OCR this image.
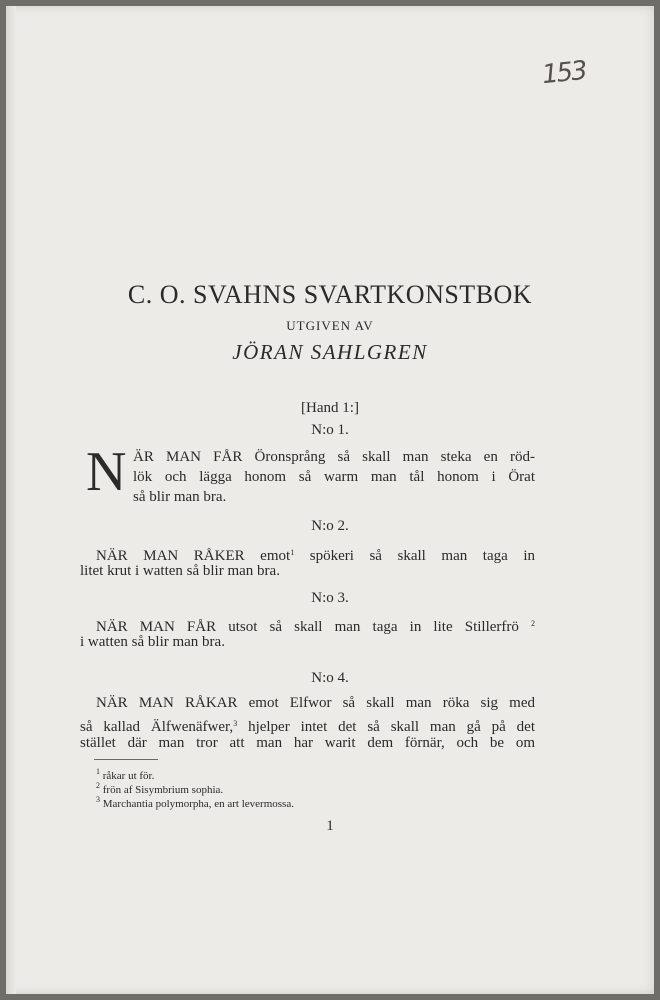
153
C. O. SVAHNS SVARTKONSTBOK
UTGIVEN AV
JÖRAN SAHLGREN
[Hand 1:]
N:o 1.
N ÄR MAN FÅR Öronsprång så skall man steka en röd-
lök och lägga honom så warm man tål honom i Örat
så blir man bra.
N:o 2.
NÄR MAN RÅKER emot$^1$ spökeri så skall man taga in
litet krut i watten så blir man bra.
N:o 3.
NÄR MAN FÅR utsot så skall man taga in lite Stillerfrö $^2$
i watten så blir man bra.
N:o 4.
NÄR MAN RÅKAR emot Elfwor så skall man röka sig med
så kallad Älfwenäfwer,$^3$ hjelper intet det så skall man gå på det
stället där man tror att man har warit dem förnär, och be om
$^1$ råkar ut för.
$^2$ frön af Sisymbrium sophia.
$^3$ Marchantia polymorpha, en art levermossa.
1
